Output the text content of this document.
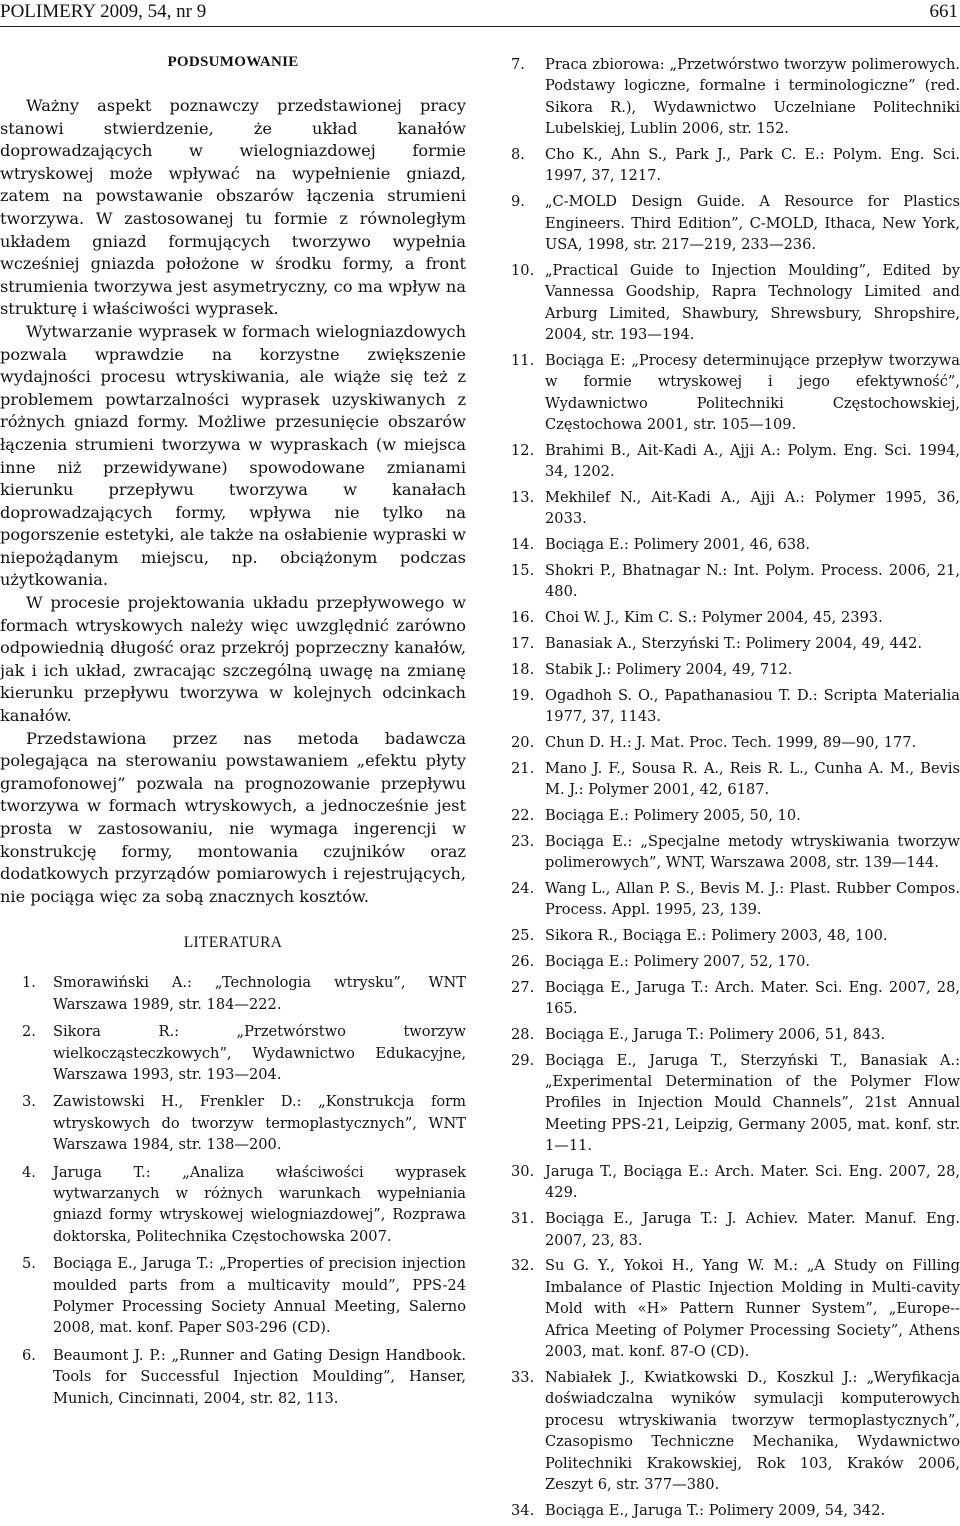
POLIMERY 2009, 54, nr 9	661
PODSUMOWANIE

Ważny aspekt poznawczy przedstawionej pracy stanowi stwierdzenie, że układ kanałów doprowadzających w wielogniazdowej formie wtryskowej może wpływać na wypełnienie gniazd, zatem na powstawanie obszarów łączenia strumieni tworzywa. W zastosowanej tu formie z równoległym układem gniazd formujących tworzywo wypełnia wcześniej gniazda położone w środku formy, a front strumienia tworzywa jest asymetryczny, co ma wpływ na strukturę i właściwości wyprasek.

Wytwarzanie wyprasek w formach wielogniazdowych pozwala wprawdzie na korzystne zwiększenie wydajności procesu wtryskiwania, ale wiąże się też z problemem powtarzalności wyprasek uzyskiwanych z różnych gniazd formy. Możliwe przesunięcie obszarów łączenia strumieni tworzywa w wypraskach (w miejsca inne niż przewidywane) spowodowane zmianami kierunku przepływu tworzywa w kanałach doprowadzających formy, wpływa nie tylko na pogorszenie estetyki, ale także na osłabienie wypraski w niepożądanym miejscu, np. obciążonym podczas użytkowania.

W procesie projektowania układu przepływowego w formach wtryskowych należy więc uwzględnić zarówno odpowiednią długość oraz przekrój poprzeczny kanałów, jak i ich układ, zwracając szczególną uwagę na zmianę kierunku przepływu tworzywa w kolejnych odcinkach kanałów.

Przedstawiona przez nas metoda badawcza polegająca na sterowaniu powstawaniem „efektu płyty gramofonowej” pozwala na prognozowanie przepływu tworzywa w formach wtryskowych, a jednocześnie jest prosta w zastosowaniu, nie wymaga ingerencji w konstrukcję formy, montowania czujników oraz dodatkowych przyrządów pomiarowych i rejestrujących, nie pociąga więc za sobą znacznych kosztów.

LITERATURA
1.	Smorawiński A.: „Technologia wtrysku”, WNT Warszawa 1989, str. 184—222.
2.	Sikora R.: „Przetwórstwo tworzyw wielkocząsteczkowych”, Wydawnictwo Edukacyjne, Warszawa 1993, str. 193—204.
3.	Zawistowski H., Frenkler D.: „Konstrukcja form wtryskowych do tworzyw termoplastycznych”, WNT Warszawa 1984, str. 138—200.
4.	Jaruga T.: „Analiza właściwości wyprasek wytwarzanych w różnych warunkach wypełniania gniazd formy wtryskowej wielogniazdowej”, Rozprawa doktorska, Politechnika Częstochowska 2007.
5.	Bociąga E., Jaruga T.: „Properties of precision injection moulded parts from a multicavity mould”, PPS-24 Polymer Processing Society Annual Meeting, Salerno 2008, mat. konf. Paper S03-296 (CD).
6.	Beaumont J. P.: „Runner and Gating Design Handbook. Tools for Successful Injection Moulding”, Hanser, Munich, Cincinnati, 2004, str. 82, 113.
7.	Praca zbiorowa: „Przetwórstwo tworzyw polimerowych. Podstawy logiczne, formalne i terminologiczne” (red. Sikora R.), Wydawnictwo Uczelniane Politechniki Lubelskiej, Lublin 2006, str. 152.
8.	Cho K., Ahn S., Park J., Park C. E.: Polym. Eng. Sci. 1997, 37, 1217.
9.	„C-MOLD Design Guide. A Resource for Plastics Engineers. Third Edition”, C-MOLD, Ithaca, New York, USA, 1998, str. 217—219, 233—236.
10. „Practical Guide to Injection Moulding”, Edited by Vannessa Goodship, Rapra Technology Limited and Arburg Limited, Shawbury, Shrewsbury, Shropshire, 2004, str. 193—194.
11. Bociąga E: „Procesy determinujące przepływ tworzywa w formie wtryskowej i jego efektywność”, Wydawnictwo Politechniki Częstochowskiej, Częstochowa 2001, str. 105—109.
12. Brahimi B., Ait-Kadi A., Ajji A.: Polym. Eng. Sci. 1994, 34, 1202.
13. Mekhilef N., Ait-Kadi A., Ajji A.: Polymer 1995, 36, 2033.
14. Bociąga E.: Polimery 2001, 46, 638.
15. Shokri P., Bhatnagar N.: Int. Polym. Process. 2006, 21, 480.
16. Choi W. J., Kim C. S.: Polymer 2004, 45, 2393.
17. Banasiak A., Sterzyński T.: Polimery 2004, 49, 442.
18. Stabik J.: Polimery 2004, 49, 712.
19. Ogadhoh S. O., Papathanasiou T. D.: Scripta Materialia 1977, 37, 1143.
20. Chun D. H.: J. Mat. Proc. Tech. 1999, 89—90, 177.
21. Mano J. F., Sousa R. A., Reis R. L., Cunha A. M., Bevis M. J.: Polymer 2001, 42, 6187.
22. Bociąga E.: Polimery 2005, 50, 10.
23. Bociąga E.: „Specjalne metody wtryskiwania tworzyw polimerowych”, WNT, Warszawa 2008, str. 139—144.
24. Wang L., Allan P. S., Bevis M. J.: Plast. Rubber Compos. Process. Appl. 1995, 23, 139.
25. Sikora R., Bociąga E.: Polimery 2003, 48, 100.
26. Bociąga E.: Polimery 2007, 52, 170.
27. Bociąga E., Jaruga T.: Arch. Mater. Sci. Eng. 2007, 28, 165.
28. Bociąga E., Jaruga T.: Polimery 2006, 51, 843.
29. Bociąga E., Jaruga T., Sterzyński T., Banasiak A.: „Experimental Determination of the Polymer Flow Profiles in Injection Mould Channels”, 21st Annual Meeting PPS-21, Leipzig, Germany 2005, mat. konf. str. 1—11.
30. Jaruga T., Bociąga E.: Arch. Mater. Sci. Eng. 2007, 28, 429.
31. Bociąga E., Jaruga T.: J. Achiev. Mater. Manuf. Eng. 2007, 23, 83.
32. Su G. Y., Yokoi H., Yang W. M.: „A Study on Filling Imbalance of Plastic Injection Molding in Multi-cavity Mold with «H» Pattern Runner System”, „Europe--Africa Meeting of Polymer Processing Society”, Athens 2003, mat. konf. 87-O (CD).
33. Nabiałek J., Kwiatkowski D., Koszkul J.: „Weryfikacja doświadczalna wyników symulacji komputerowych procesu wtryskiwania tworzyw termoplastycznych”, Czasopismo Techniczne Mechanika, Wydawnictwo Politechniki Krakowskiej, Rok 103, Kraków 2006, Zeszyt 6, str. 377—380.
34. Bociąga E., Jaruga T.: Polimery 2009, 54, 342.
